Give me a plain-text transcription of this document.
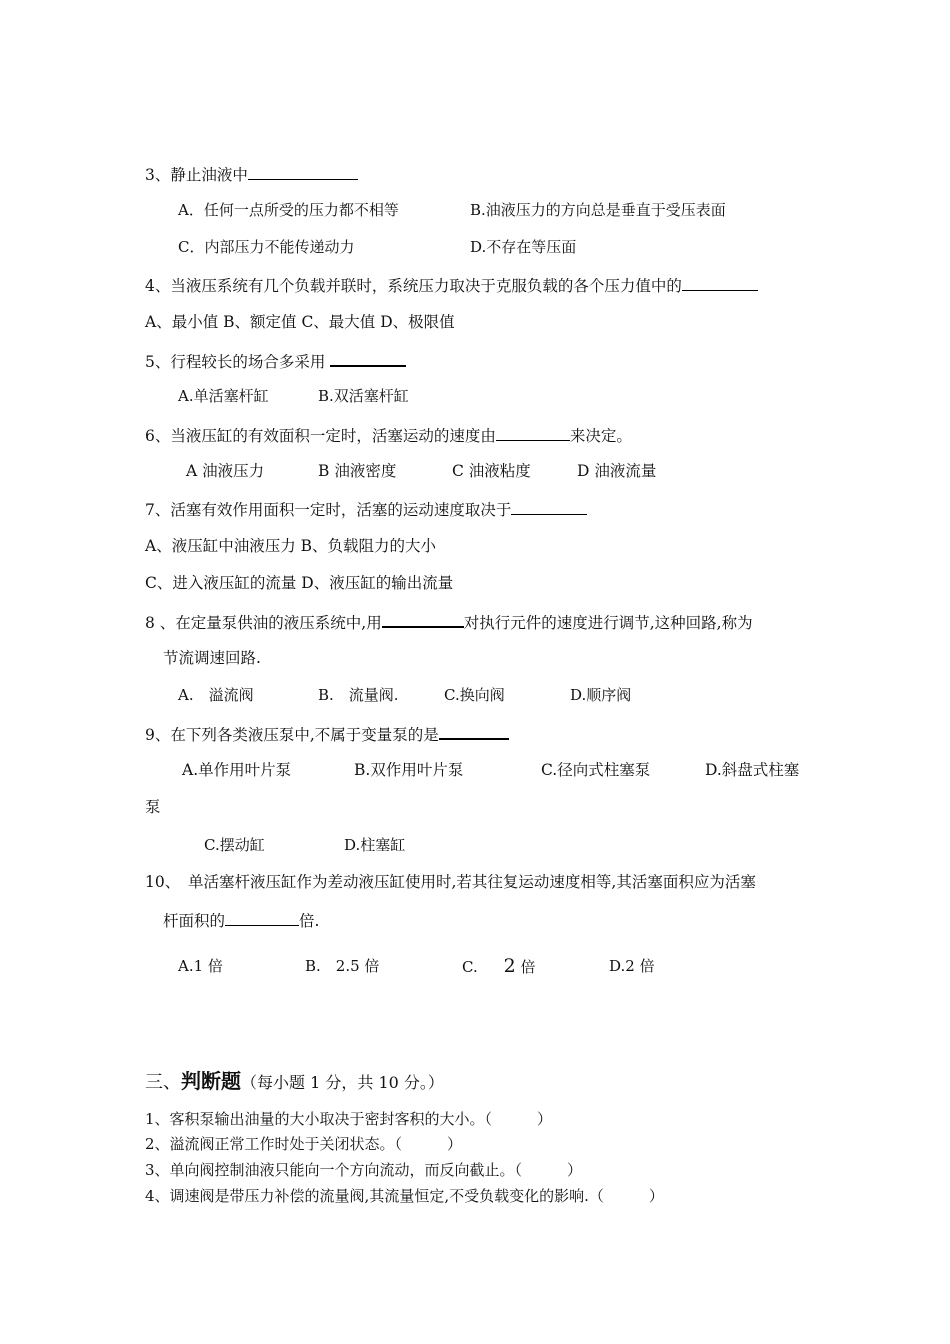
3、静止油液中
A．任何一点所受的压力都不相等	B.油液压力的方向总是垂直于受压表面
C．内部压力不能传递动力	D.不存在等压面
4、当液压系统有几个负载并联时，系统压力取决于克服负载的各个压力值中的
A、最小值 B、额定值 C、最大值 D、极限值
5、行程较长的场合多采用
A.单活塞杆缸	B.双活塞杆缸
6、当液压缸的有效面积一定时，活塞运动的速度由	来决定。
A 油液压力	B 油液密度	C 油液粘度	D 油液流量
7、活塞有效作用面积一定时，活塞的运动速度取决于
A、液压缸中油液压力 B、负载阻力的大小
C、进入液压缸的流量 D、液压缸的输出流量
8 、在定量泵供油的液压系统中,用	对执行元件的速度进行调节,这种回路,称为
节流调速回路.
A.　溢流阀	B.　流量阀.	C.换向阀	D.顺序阀
9、在下列各类液压泵中,不属于变量泵的是
A.单作用叶片泵	B.双作用叶片泵	C.径向式柱塞泵	D.斜盘式柱塞
泵
C.摆动缸	D.柱塞缸
10、　单活塞杆液压缸作为差动液压缸使用时,若其往复运动速度相等,其活塞面积应为活塞
杆面积的	倍.
A.1 倍	B.　2.5 倍	C. 2 倍	D.2 倍
三、判断题（每小题 1 分，共 10 分。）
1、客积泵输出油量的大小取决于密封客积的大小。（　　　）
2、溢流阀正常工作时处于关闭状态。（　　　）
3、单向阀控制油液只能向一个方向流动，而反向截止。（　　　）
4、调速阀是带压力补偿的流量阀,其流量恒定,不受负载变化的影响.（　　　）
